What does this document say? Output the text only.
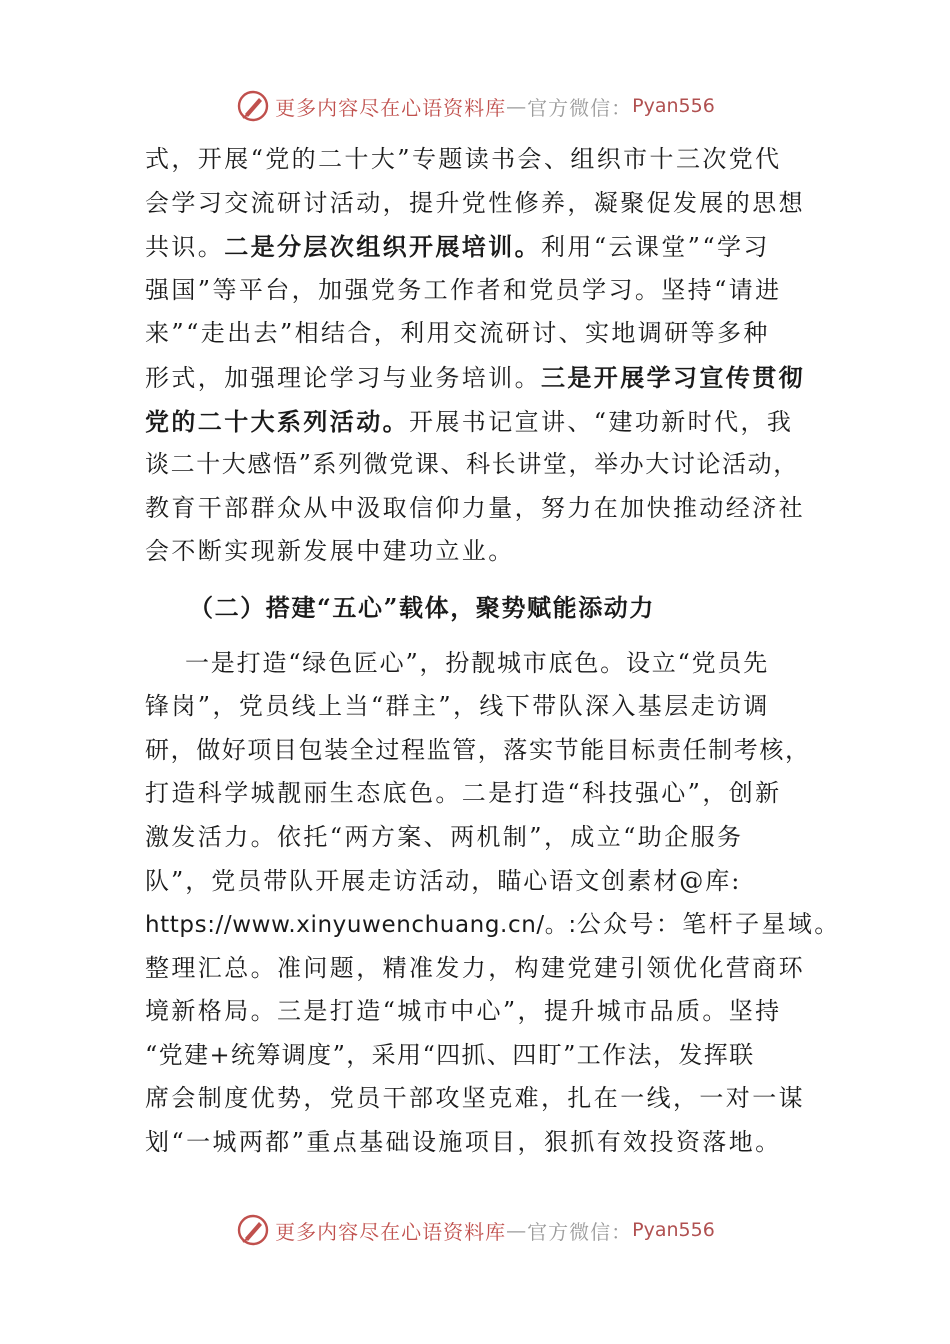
更多内容尽在心语资料库 — 官方微信： Pyan556
式，开展“党的二十大”专题读书会、组织市十三次党代
会学习交流研讨活动，提升党性修养，凝聚促发展的思想
共识。二是分层次组织开展培训。利用“云课堂”“学习
强国”等平台，加强党务工作者和党员学习。坚持“请进
来”“走出去”相结合，利用交流研讨、实地调研等多种
形式，加强理论学习与业务培训。三是开展学习宣传贯彻
党的二十大系列活动。开展书记宣讲、“建功新时代，我
谈二十大感悟”系列微党课、科长讲堂，举办大讨论活动，
教育干部群众从中汲取信仰力量，努力在加快推动经济社
会不断实现新发展中建功立业。
（二）搭建“五心”载体，聚势赋能添动力
一是打造“绿色匠心”，扮靓城市底色。设立“党员先
锋岗”，党员线上当“群主”，线下带队深入基层走访调
研，做好项目包装全过程监管，落实节能目标责任制考核，
打造科学城靓丽生态底色。二是打造“科技强心”，创新
激发活力。依托“两方案、两机制”，成立“助企服务
队”，党员带队开展走访活动，瞄心语文创素材@库:
https://www.xinyuwenchuang.cn/。:公众号：笔杆子星域。
整理汇总。准问题，精准发力，构建党建引领优化营商环
境新格局。三是打造“城市中心”，提升城市品质。坚持
“党建+统筹调度”，采用“四抓、四盯”工作法，发挥联
席会制度优势，党员干部攻坚克难，扎在一线，一对一谋
划“一城两都”重点基础设施项目，狠抓有效投资落地。
更多内容尽在心语资料库 — 官方微信： Pyan556
